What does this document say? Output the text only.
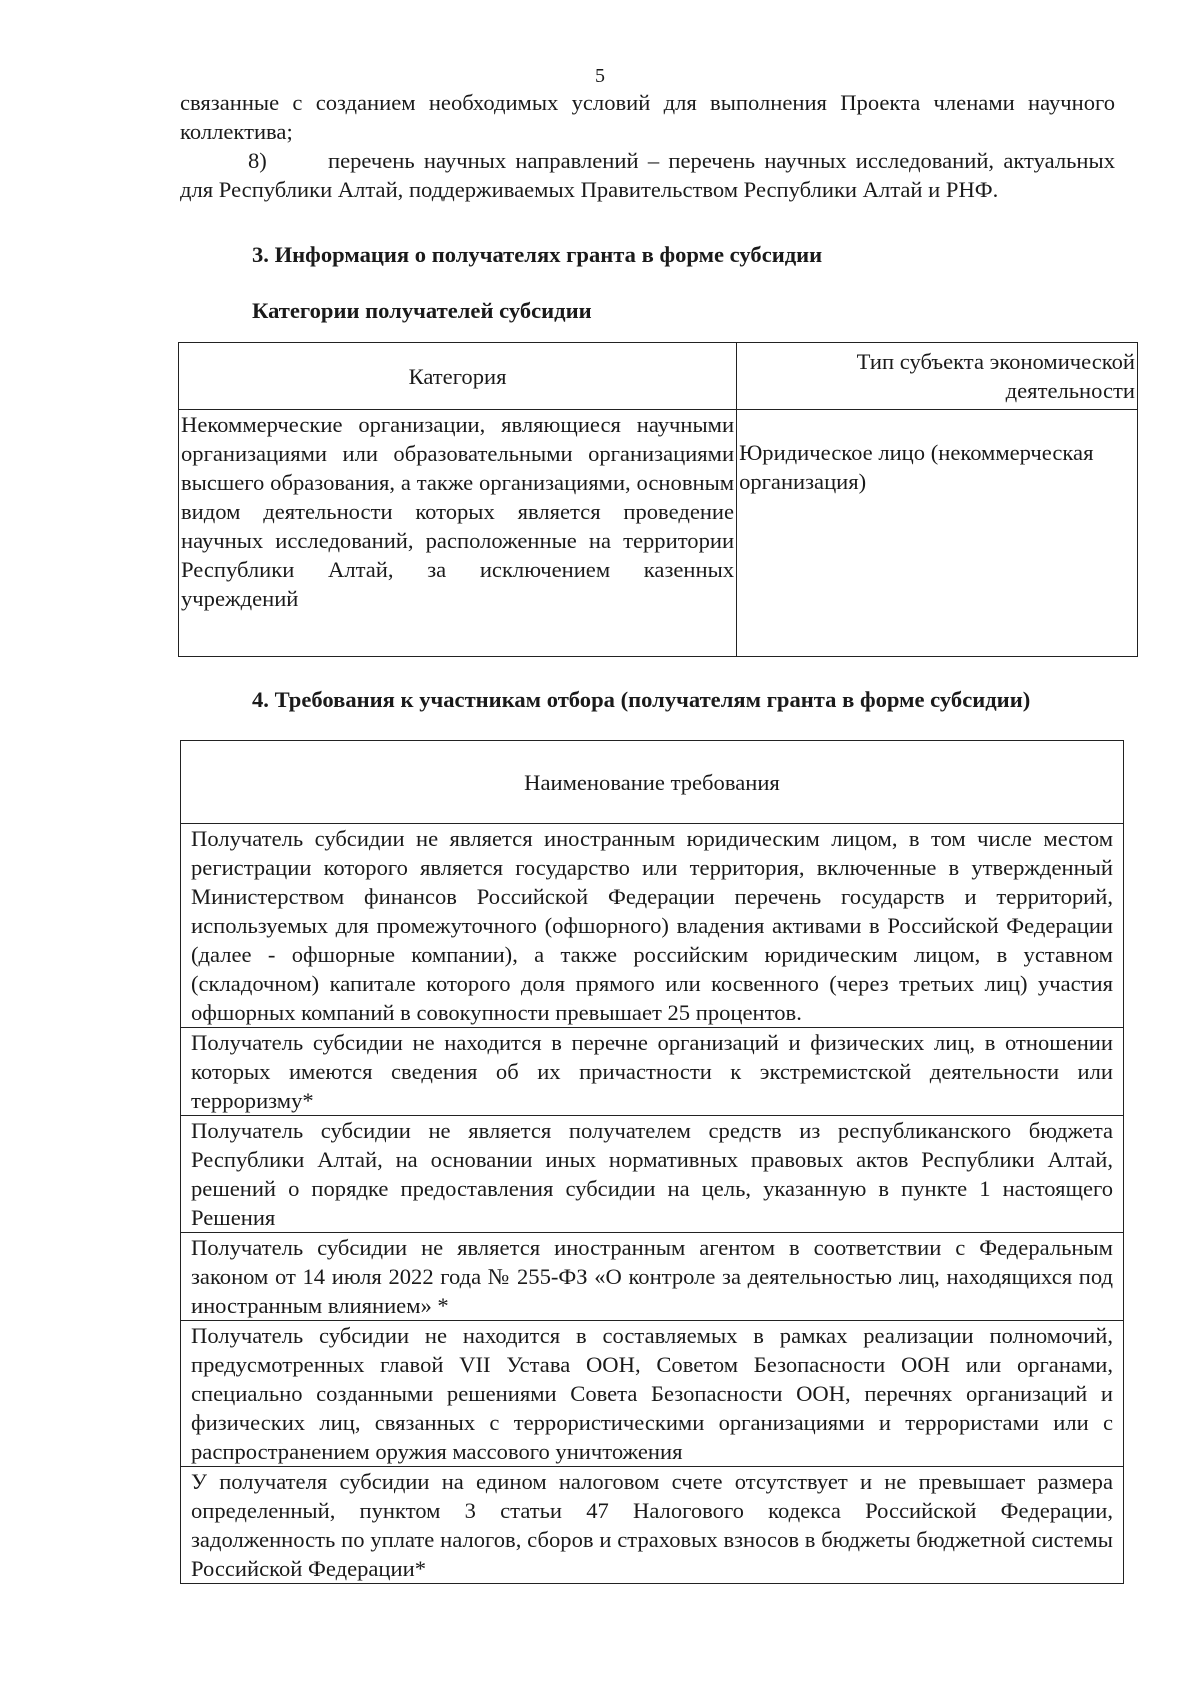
5

связанные с созданием необходимых условий для выполнения Проекта членами научного коллектива;

8)	перечень научных направлений – перечень научных исследований, актуальных для Республики Алтай, поддерживаемых Правительством Республики Алтай и РНФ.

3. Информация о получателях гранта в форме субсидии
Категории получателей субсидии
Категория	Тип субъекта экономической деятельности
Некоммерческие организации, являющиеся научными организациями или образовательными организациями высшего образования, а также организациями, основным видом деятельности которых является проведение научных исследований, расположенные на территории Республики Алтай, за исключением казенных учреждений	Юридическое лицо (некоммерческая организация)
4. Требования к участникам отбора (получателям гранта в форме субсидии)
Наименование требования
Получатель субсидии не является иностранным юридическим лицом, в том числе местом регистрации которого является государство или территория, включенные в утвержденный Министерством финансов Российской Федерации перечень государств и территорий, используемых для промежуточного (офшорного) владения активами в Российской Федерации (далее - офшорные компании), а также российским юридическим лицом, в уставном (складочном) капитале которого доля прямого или косвенного (через третьих лиц) участия офшорных компаний в совокупности превышает 25 процентов.
Получатель субсидии не находится в перечне организаций и физических лиц, в отношении которых имеются сведения об их причастности к экстремистской деятельности или терроризму*
Получатель субсидии не является получателем средств из республиканского бюджета Республики Алтай, на основании иных нормативных правовых актов Республики Алтай, решений о порядке предоставления субсидии на цель, указанную в пункте 1 настоящего Решения
Получатель субсидии не является иностранным агентом в соответствии с Федеральным законом от 14 июля 2022 года № 255-ФЗ «О контроле за деятельностью лиц, находящихся под иностранным влиянием» *
Получатель субсидии не находится в составляемых в рамках реализации полномочий, предусмотренных главой VII Устава ООН, Советом Безопасности ООН или органами, специально созданными решениями Совета Безопасности ООН, перечнях организаций и физических лиц, связанных с террористическими организациями и террористами или с распространением оружия массового уничтожения
У получателя субсидии на едином налоговом счете отсутствует и не превышает размера определенный, пунктом 3 статьи 47 Налогового кодекса Российской Федерации, задолженность по уплате налогов, сборов и страховых взносов в бюджеты бюджетной системы Российской Федерации*
